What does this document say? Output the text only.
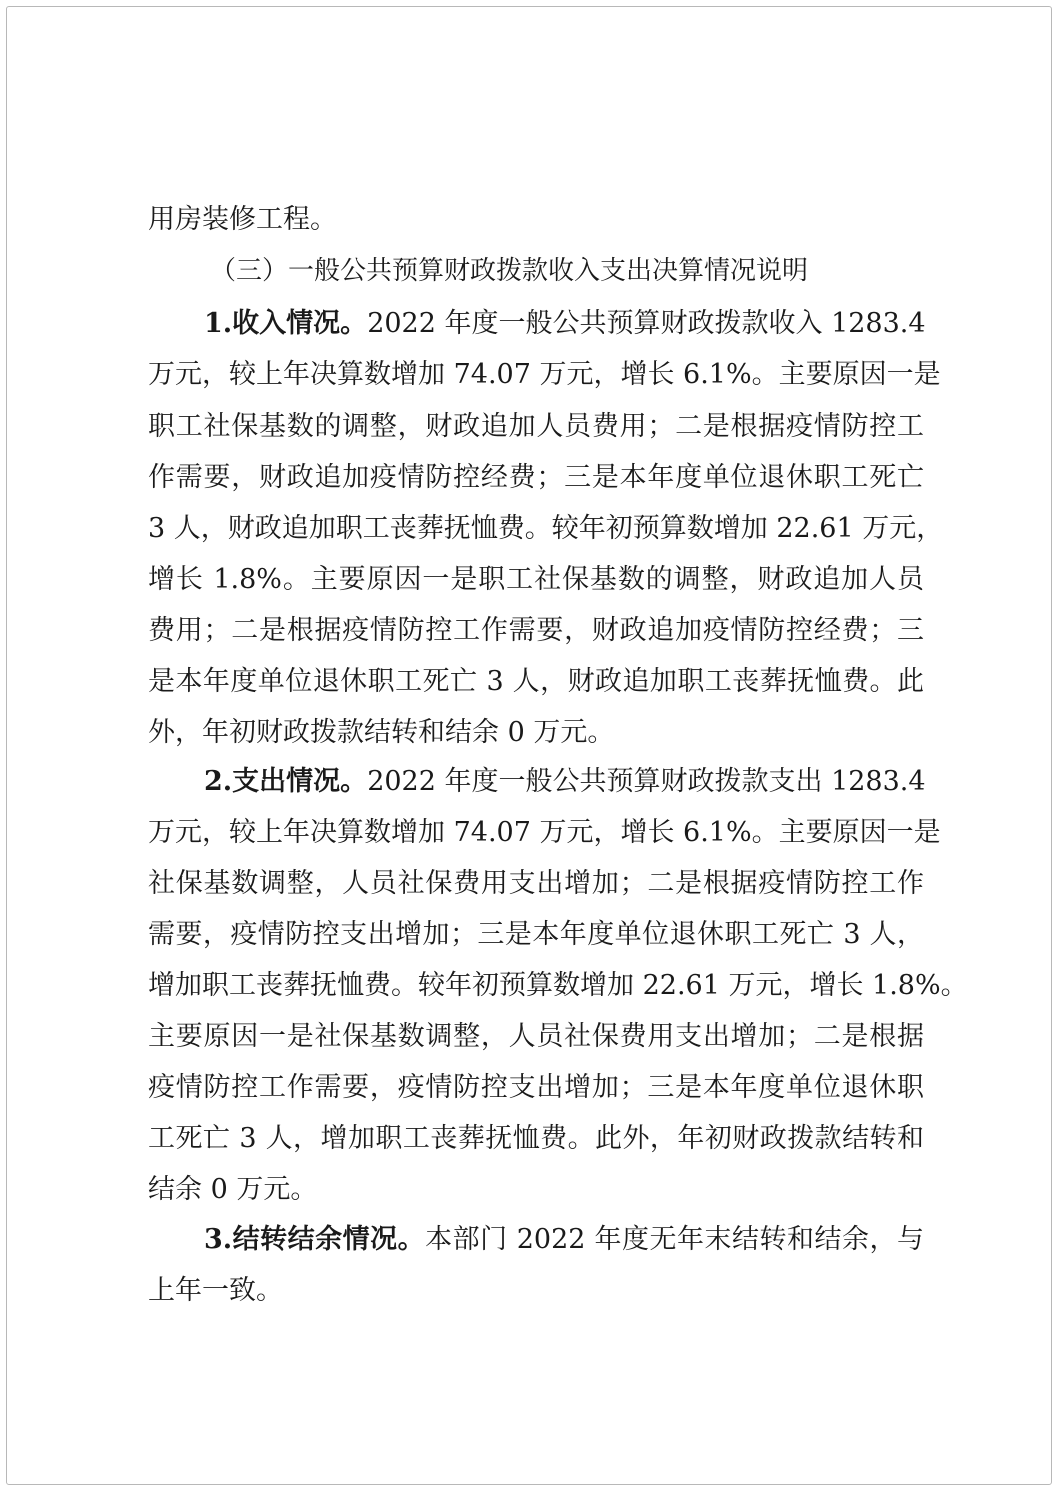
用房装修工程。
（三）一般公共预算财政拨款收入支出决算情况说明
1.收入情况。2022 年度一般公共预算财政拨款收入 1283.4
万元，较上年决算数增加 74.07 万元，增长 6.1%。主要原因一是
职工社保基数的调整，财政追加人员费用；二是根据疫情防控工
作需要，财政追加疫情防控经费；三是本年度单位退休职工死亡
3 人，财政追加职工丧葬抚恤费。较年初预算数增加 22.61 万元，
增长 1.8%。主要原因一是职工社保基数的调整，财政追加人员
费用；二是根据疫情防控工作需要，财政追加疫情防控经费；三
是本年度单位退休职工死亡 3 人，财政追加职工丧葬抚恤费。此
外，年初财政拨款结转和结余 0 万元。
2.支出情况。2022 年度一般公共预算财政拨款支出 1283.4
万元，较上年决算数增加 74.07 万元，增长 6.1%。主要原因一是
社保基数调整，人员社保费用支出增加；二是根据疫情防控工作
需要，疫情防控支出增加；三是本年度单位退休职工死亡 3 人，
增加职工丧葬抚恤费。较年初预算数增加 22.61 万元，增长 1.8%。
主要原因一是社保基数调整，人员社保费用支出增加；二是根据
疫情防控工作需要，疫情防控支出增加；三是本年度单位退休职
工死亡 3 人，增加职工丧葬抚恤费。此外，年初财政拨款结转和
结余 0 万元。
3.结转结余情况。本部门 2022 年度无年末结转和结余，与
上年一致。
